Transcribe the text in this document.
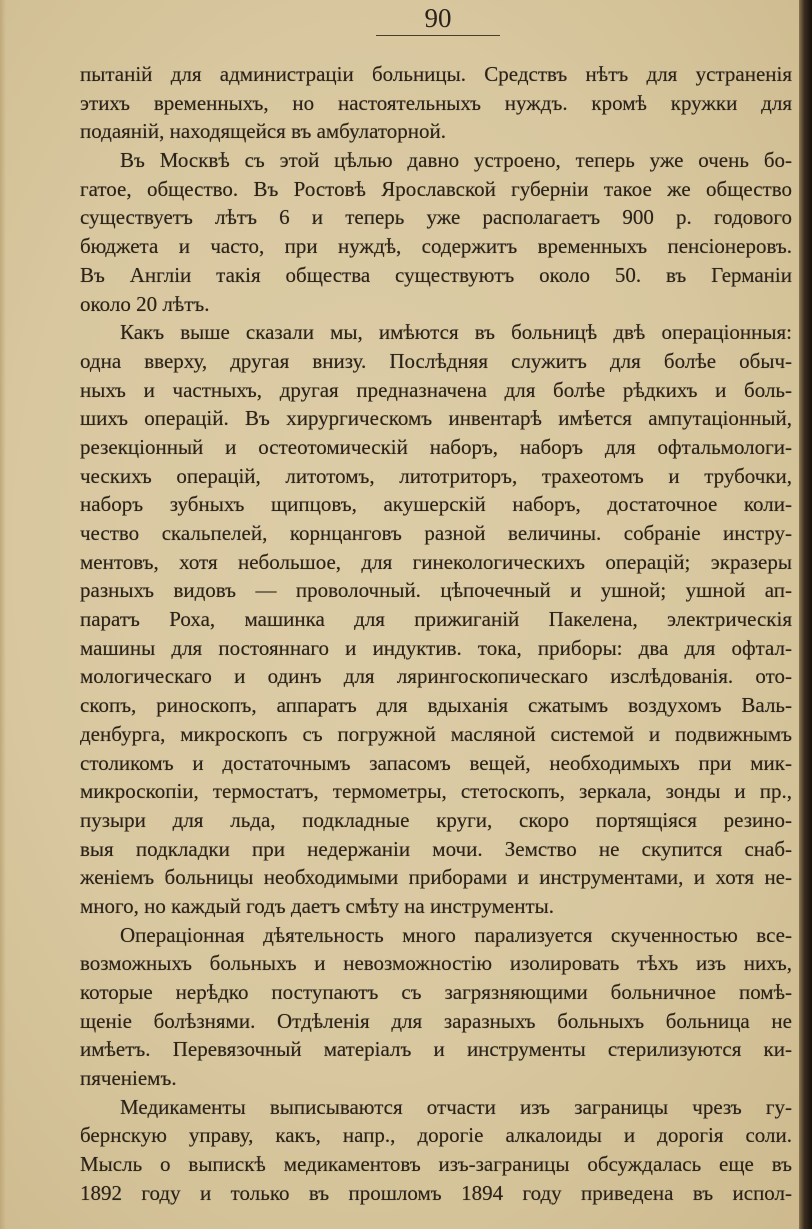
90
пытаній для администраціи больницы. Средствъ нѣтъ для устраненія
этихъ временныхъ, но настоятельныхъ нуждъ. кромѣ кружки для
подаяній, находящейся въ амбулаторной.
Въ Москвѣ съ этой цѣлью давно устроено, теперь уже очень бо-
гатое, общество. Въ Ростовѣ Ярославской губерніи такое же общество
существуетъ лѣтъ 6 и теперь уже располагаетъ 900 р. годового
бюджета и часто, при нуждѣ, содержитъ временныхъ пенсіонеровъ.
Въ Англіи такія общества существуютъ около 50. въ Германіи
около 20 лѣтъ.
Какъ выше сказали мы, имѣются въ больницѣ двѣ операціонныя:
одна вверху, другая внизу. Послѣдняя служитъ для болѣе обыч-
ныхъ и частныхъ, другая предназначена для болѣе рѣдкихъ и боль-
шихъ операцій. Въ хирургическомъ инвентарѣ имѣется ампутаціонный,
резекціонный и остеотомическій наборъ, наборъ для офтальмологи-
ческихъ операцій, литотомъ, литотриторъ, трахеотомъ и трубочки,
наборъ зубныхъ щипцовъ, акушерскій наборъ, достаточное коли-
чество скальпелей, корнцанговъ разной величины. собраніе инстру-
ментовъ, хотя небольшое, для гинекологическихъ операцій; экразеры
разныхъ видовъ — проволочный. цѣпочечный и ушной; ушной ап-
паратъ Роха, машинка для прижиганій Пакелена, электрическія
машины для постояннаго и индуктив. тока, приборы: два для офтал-
мологическаго и одинъ для лярингоскопическаго изслѣдованія. ото-
скопъ, риноскопъ, аппаратъ для вдыханія сжатымъ воздухомъ Валь-
денбурга, микроскопъ съ погружной масляной системой и подвижнымъ
столикомъ и достаточнымъ запасомъ вещей, необходимыхъ при мик-
микроскопіи, термостатъ, термометры, стетоскопъ, зеркала, зонды и пр.,
пузыри для льда, подкладные круги, скоро портящіяся резино-
выя подкладки при недержаніи мочи. Земство не скупится снаб-
женіемъ больницы необходимыми приборами и инструментами, и хотя не-
много, но каждый годъ даетъ смѣту на инструменты.
Операціонная дѣятельность много парализуется скученностью все-
возможныхъ больныхъ и невозможностію изолировать тѣхъ изъ нихъ,
которые нерѣдко поступаютъ съ загрязняющими больничное помѣ-
щеніе болѣзнями. Отдѣленія для заразныхъ больныхъ больница не
имѣетъ. Перевязочный матеріалъ и инструменты стерилизуются ки-
пяченіемъ.
Медикаменты выписываются отчасти изъ заграницы чрезъ гу-
бернскую управу, какъ, напр., дорогіе алкалоиды и дорогія соли.
Мысль о выпискѣ медикаментовъ изъ-заграницы обсуждалась еще въ
1892 году и только въ прошломъ 1894 году приведена въ испол-
